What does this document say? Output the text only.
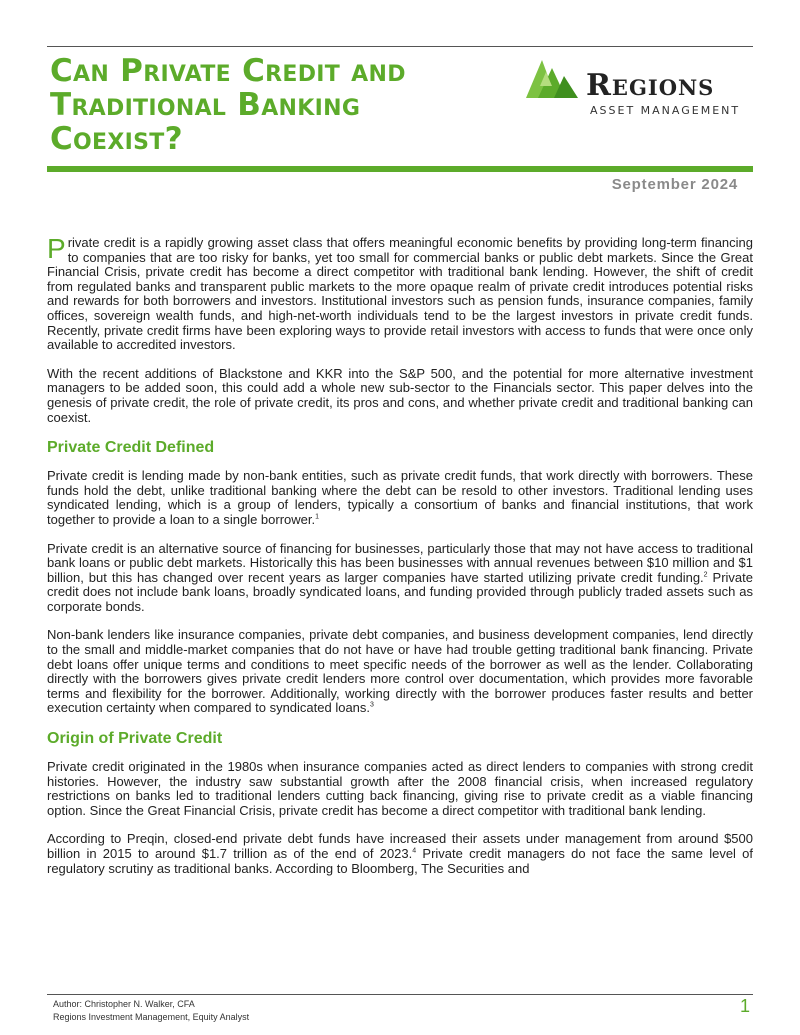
Can Private Credit and Traditional Banking Coexist?
Regions
ASSET MANAGEMENT
September 2024

Private credit is a rapidly growing asset class that offers meaningful economic benefits by providing long-term financing to companies that are too risky for banks, yet too small for commercial banks or public debt markets. Since the Great Financial Crisis, private credit has become a direct competitor with traditional bank lending. However, the shift of credit from regulated banks and transparent public markets to the more opaque realm of private credit introduces potential risks and rewards for both borrowers and investors. Institutional investors such as pension funds, insurance companies, family offices, sovereign wealth funds, and high-net-worth individuals tend to be the largest investors in private credit funds. Recently, private credit firms have been exploring ways to provide retail investors with access to funds that were once only available to accredited investors.

With the recent additions of Blackstone and KKR into the S&P 500, and the potential for more alternative investment managers to be added soon, this could add a whole new sub-sector to the Financials sector. This paper delves into the genesis of private credit, the role of private credit, its pros and cons, and whether private credit and traditional banking can coexist.

Private Credit Defined

Private credit is lending made by non-bank entities, such as private credit funds, that work directly with borrowers. These funds hold the debt, unlike traditional banking where the debt can be resold to other investors. Traditional lending uses syndicated lending, which is a group of lenders, typically a consortium of banks and financial institutions, that work together to provide a loan to a single borrower.$^1$

Private credit is an alternative source of financing for businesses, particularly those that may not have access to traditional bank loans or public debt markets. Historically this has been businesses with annual revenues between $10 million and $1 billion, but this has changed over recent years as larger companies have started utilizing private credit funding.$^2$ Private credit does not include bank loans, broadly syndicated loans, and funding provided through publicly traded assets such as corporate bonds.

Non-bank lenders like insurance companies, private debt companies, and business development companies, lend directly to the small and middle-market companies that do not have or have had trouble getting traditional bank financing. Private debt loans offer unique terms and conditions to meet specific needs of the borrower as well as the lender. Collaborating directly with the borrowers gives private credit lenders more control over documentation, which provides more favorable terms and flexibility for the borrower. Additionally, working directly with the borrower produces faster results and better execution certainty when compared to syndicated loans.$^3$

Origin of Private Credit

Private credit originated in the 1980s when insurance companies acted as direct lenders to companies with strong credit histories. However, the industry saw substantial growth after the 2008 financial crisis, when increased regulatory restrictions on banks led to traditional lenders cutting back financing, giving rise to private credit as a viable financing option. Since the Great Financial Crisis, private credit has become a direct competitor with traditional bank lending.

According to Preqin, closed-end private debt funds have increased their assets under management from around $500 billion in 2015 to around $1.7 trillion as of the end of 2023.$^4$ Private credit managers do not face the same level of regulatory scrutiny as traditional banks. According to Bloomberg, The Securities and

Author: Christopher N. Walker, CFA
Regions Investment Management, Equity Analyst
1
